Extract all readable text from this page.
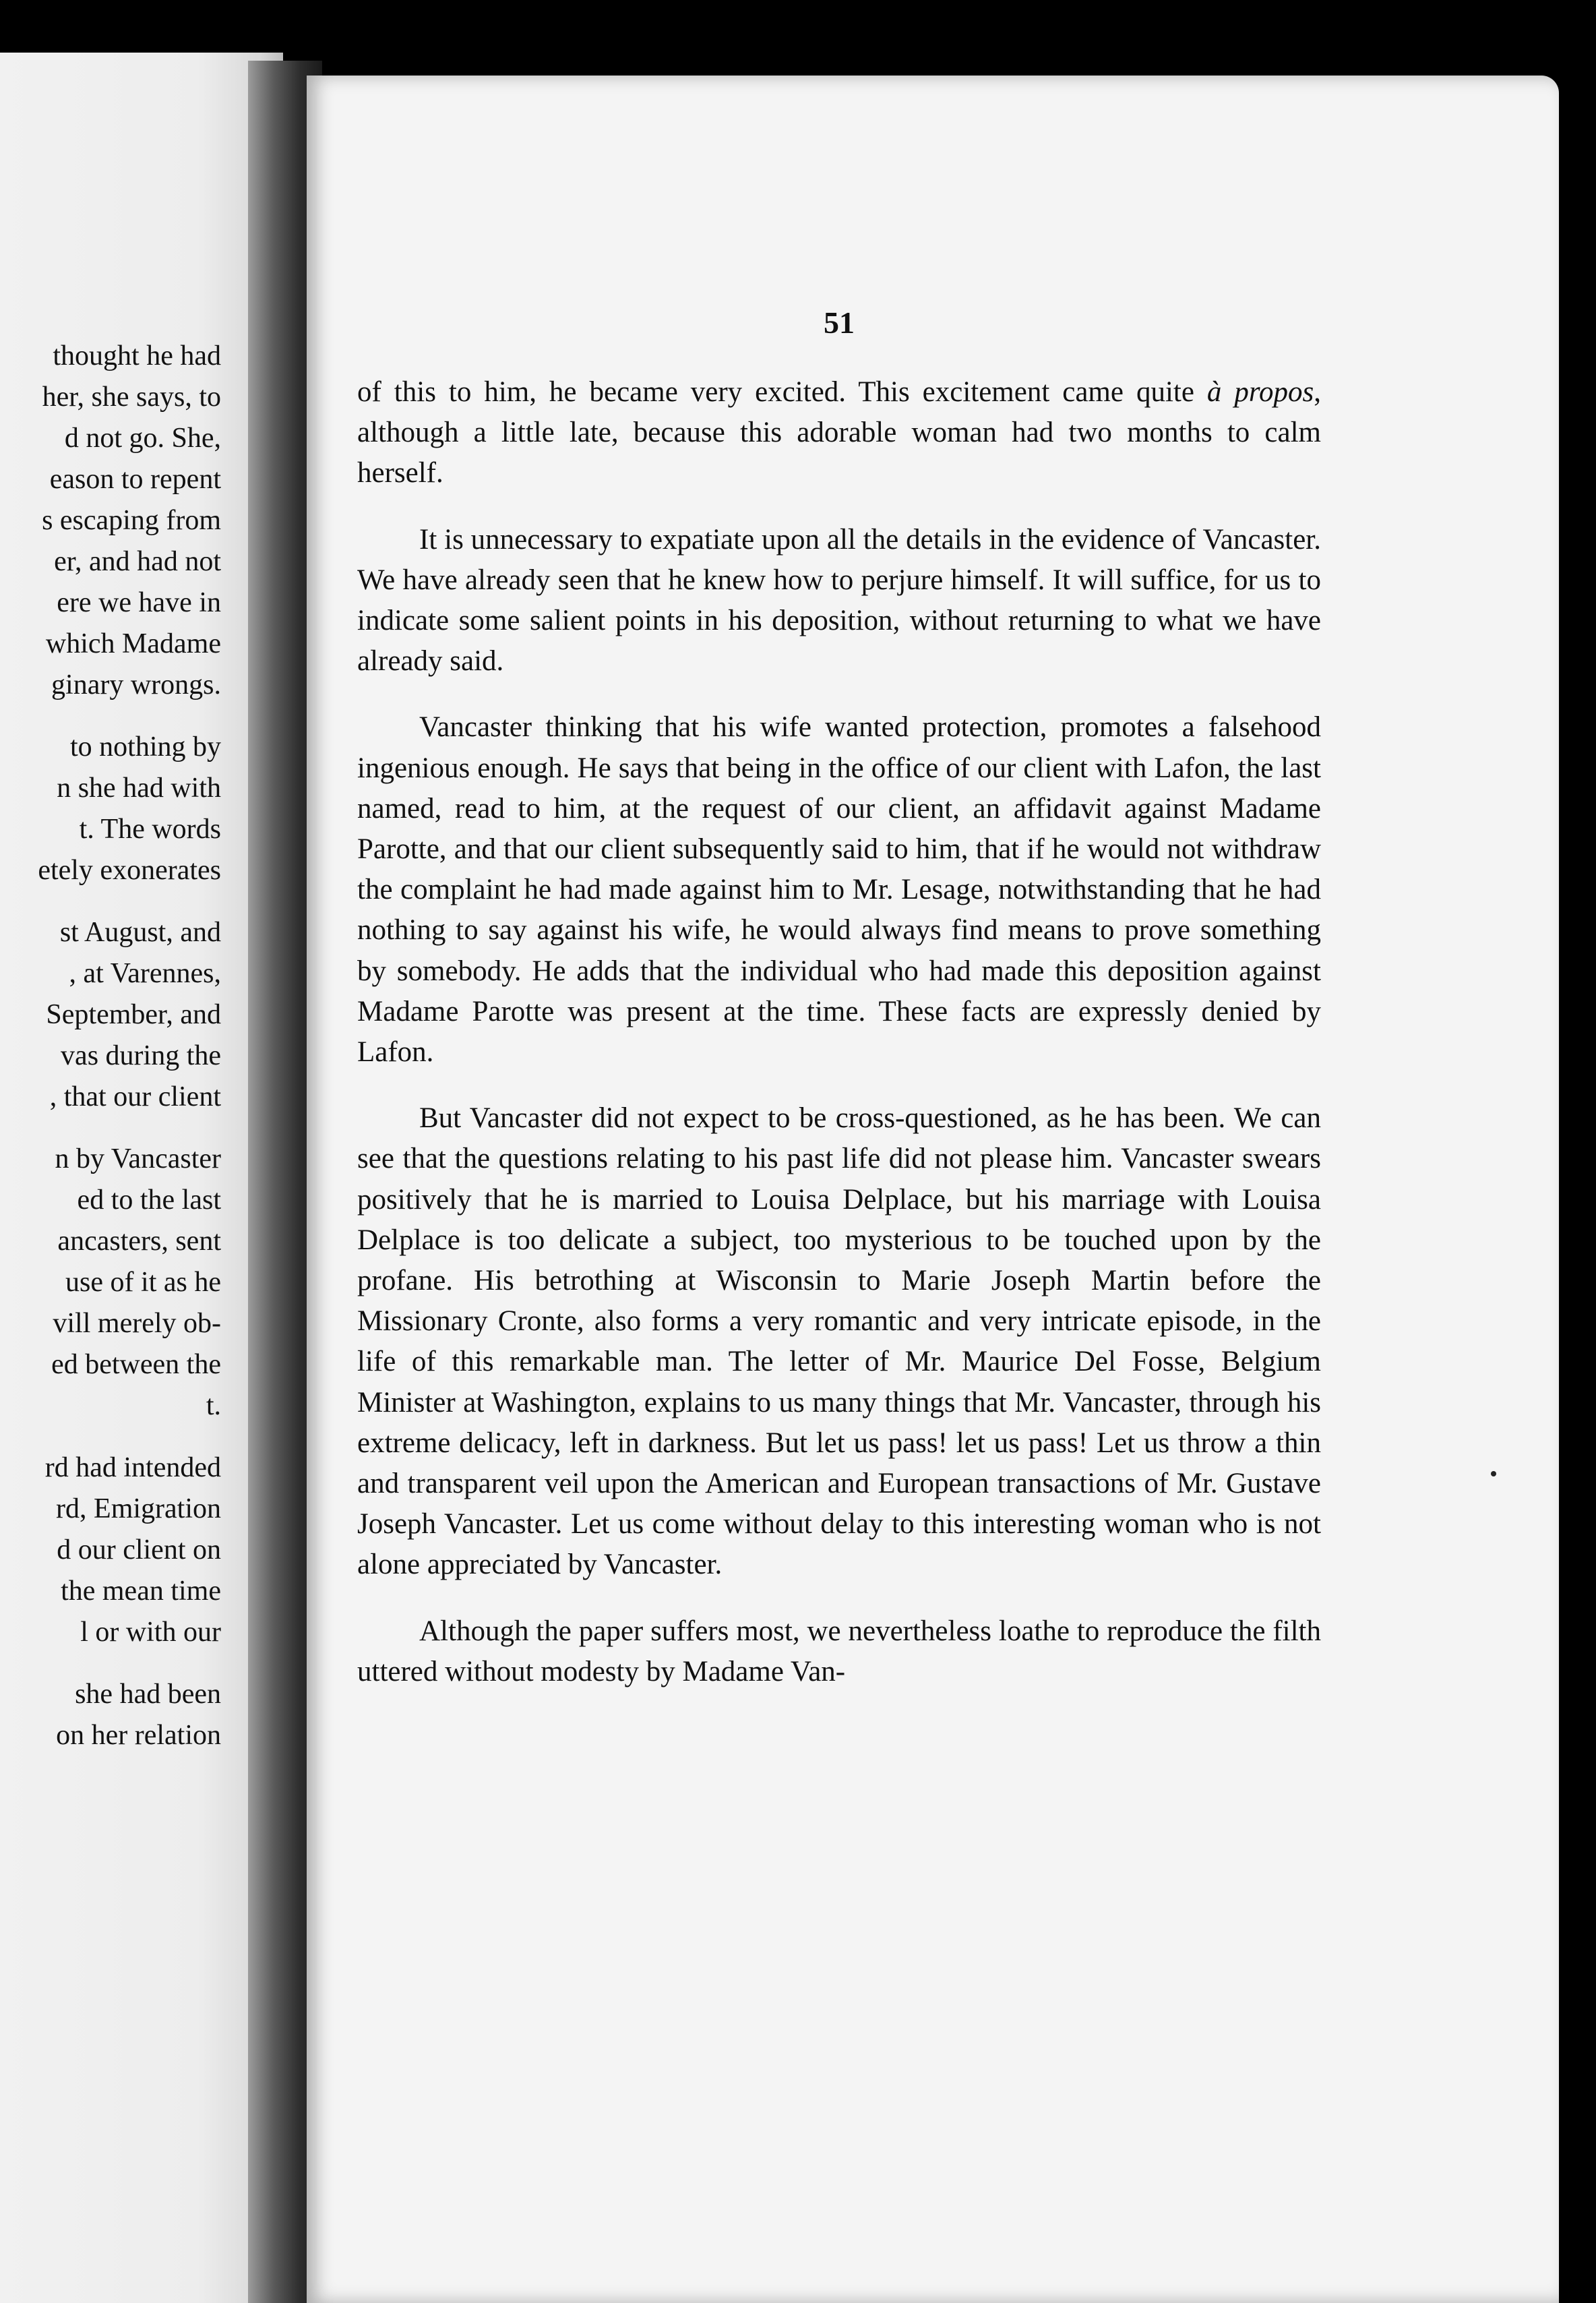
thought he had
her, she says, to
d not go. She,
eason to repent
s escaping from
er, and had not
ere we have in
which Madame
ginary wrongs.
to nothing by
n she had with
t. The words
etely exonerates
st August, and
, at Varennes,
September, and
vas during the
, that our client
n by Vancaster
ed to the last
ancasters, sent
use of it as he
vill merely ob-
ed between the
t.
rd had intended
rd, Emigration
d our client on
the mean time
l or with our
she had been
on her relation
51

of this to him, he became very excited. This excitement came quite à propos, although a little late, because this adorable woman had two months to calm herself.

It is unnecessary to expatiate upon all the details in the evidence of Vancaster. We have already seen that he knew how to perjure himself. It will suffice, for us to indicate some salient points in his deposition, without returning to what we have already said.

Vancaster thinking that his wife wanted protection, promotes a falsehood ingenious enough. He says that being in the office of our client with Lafon, the last named, read to him, at the request of our client, an affidavit against Madame Parotte, and that our client subsequently said to him, that if he would not withdraw the complaint he had made against him to Mr. Lesage, notwithstanding that he had nothing to say against his wife, he would always find means to prove something by somebody. He adds that the individual who had made this deposition against Madame Parotte was present at the time. These facts are expressly denied by Lafon.

But Vancaster did not expect to be cross-questioned, as he has been. We can see that the questions relating to his past life did not please him. Vancaster swears positively that he is married to Louisa Delplace, but his marriage with Louisa Delplace is too delicate a subject, too mysterious to be touched upon by the profane. His betrothing at Wisconsin to Marie Joseph Martin before the Missionary Cronte, also forms a very romantic and very intricate episode, in the life of this remarkable man. The letter of Mr. Maurice Del Fosse, Belgium Minister at Washington, explains to us many things that Mr. Vancaster, through his extreme delicacy, left in darkness. But let us pass! let us pass! Let us throw a thin and transparent veil upon the American and European transactions of Mr. Gustave Joseph Vancaster. Let us come without delay to this interesting woman who is not alone appreciated by Vancaster.

Although the paper suffers most, we nevertheless loathe to reproduce the filth uttered without modesty by Madame Van-
